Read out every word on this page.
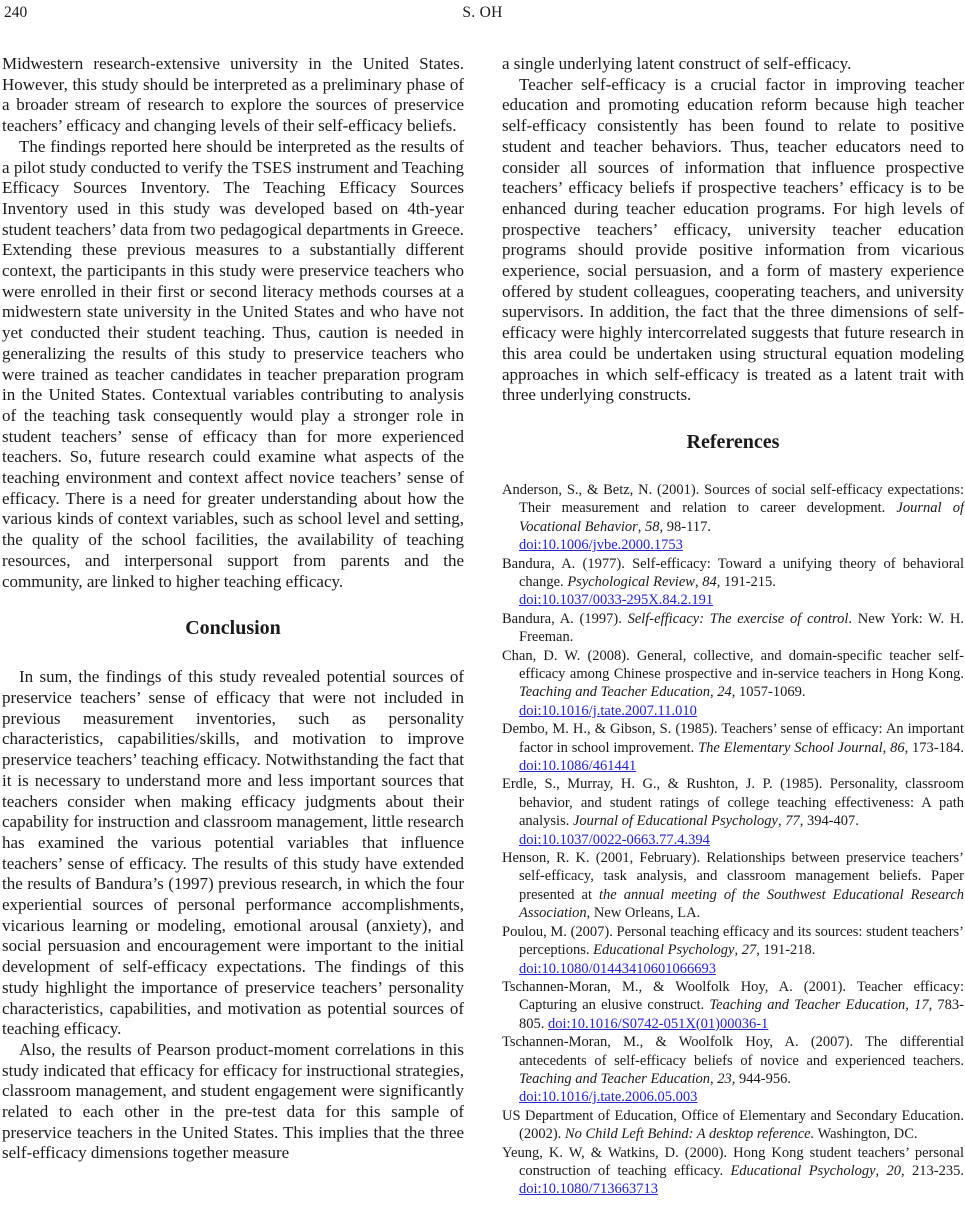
240	S. OH

Midwestern research-extensive university in the United States. However, this study should be interpreted as a preliminary phase of a broader stream of research to explore the sources of preservice teachers’ efficacy and changing levels of their self-efficacy beliefs.

The findings reported here should be interpreted as the results of a pilot study conducted to verify the TSES instrument and Teaching Efficacy Sources Inventory. The Teaching Efficacy Sources Inventory used in this study was developed based on 4th-year student teachers’ data from two pedagogical departments in Greece. Extending these previous measures to a substantially different context, the participants in this study were preservice teachers who were enrolled in their first or second literacy methods courses at a midwestern state university in the United States and who have not yet conducted their student teaching. Thus, caution is needed in generalizing the results of this study to preservice teachers who were trained as teacher candidates in teacher preparation program in the United States. Contextual variables contributing to analysis of the teaching task consequently would play a stronger role in student teachers’ sense of efficacy than for more experienced teachers. So, future research could examine what aspects of the teaching environment and context affect novice teachers’ sense of efficacy. There is a need for greater understanding about how the various kinds of context variables, such as school level and setting, the quality of the school facilities, the availability of teaching resources, and interpersonal support from parents and the community, are linked to higher teaching efficacy.

Conclusion

In sum, the findings of this study revealed potential sources of preservice teachers’ sense of efficacy that were not included in previous measurement inventories, such as personality characteristics, capabilities/skills, and motivation to improve preservice teachers’ teaching efficacy. Notwithstanding the fact that it is necessary to understand more and less important sources that teachers consider when making efficacy judgments about their capability for instruction and classroom management, little research has examined the various potential variables that influence teachers’ sense of efficacy. The results of this study have extended the results of Bandura’s (1997) previous research, in which the four experiential sources of personal performance accomplishments, vicarious learning or modeling, emotional arousal (anxiety), and social persuasion and encouragement were important to the initial development of self-efficacy expectations. The findings of this study highlight the importance of preservice teachers’ personality characteristics, capabilities, and motivation as potential sources of teaching efficacy.

Also, the results of Pearson product-moment correlations in this study indicated that efficacy for efficacy for instructional strategies, classroom management, and student engagement were significantly related to each other in the pre-test data for this sample of preservice teachers in the United States. This implies that the three self-efficacy dimensions together measure

a single underlying latent construct of self-efficacy.

Teacher self-efficacy is a crucial factor in improving teacher education and promoting education reform because high teacher self-efficacy consistently has been found to relate to positive student and teacher behaviors. Thus, teacher educators need to consider all sources of information that influence prospective teachers’ efficacy beliefs if prospective teachers’ efficacy is to be enhanced during teacher education programs. For high levels of prospective teachers’ efficacy, university teacher education programs should provide positive information from vicarious experience, social persuasion, and a form of mastery experience offered by student colleagues, cooperating teachers, and university supervisors. In addition, the fact that the three dimensions of self-efficacy were highly intercorrelated suggests that future research in this area could be undertaken using structural equation modeling approaches in which self-efficacy is treated as a latent trait with three underlying constructs.

References

Anderson, S., & Betz, N. (2001). Sources of social self-efficacy expectations: Their measurement and relation to career development. Journal of Vocational Behavior, 58, 98-117.
doi:10.1006/jvbe.2000.1753

Bandura, A. (1977). Self-efficacy: Toward a unifying theory of behavioral change. Psychological Review, 84, 191-215.
doi:10.1037/0033-295X.84.2.191

Bandura, A. (1997). Self-efficacy: The exercise of control. New York: W. H. Freeman.

Chan, D. W. (2008). General, collective, and domain-specific teacher self-efficacy among Chinese prospective and in-service teachers in Hong Kong. Teaching and Teacher Education, 24, 1057-1069.
doi:10.1016/j.tate.2007.11.010

Dembo, M. H., & Gibson, S. (1985). Teachers’ sense of efficacy: An important factor in school improvement. The Elementary School Journal, 86, 173-184. doi:10.1086/461441

Erdle, S., Murray, H. G., & Rushton, J. P. (1985). Personality, classroom behavior, and student ratings of college teaching effectiveness: A path analysis. Journal of Educational Psychology, 77, 394-407.
doi:10.1037/0022-0663.77.4.394

Henson, R. K. (2001, February). Relationships between preservice teachers’ self-efficacy, task analysis, and classroom management beliefs. Paper presented at the annual meeting of the Southwest Educational Research Association, New Orleans, LA.

Poulou, M. (2007). Personal teaching efficacy and its sources: student teachers’ perceptions. Educational Psychology, 27, 191-218.
doi:10.1080/01443410601066693

Tschannen-Moran, M., & Woolfolk Hoy, A. (2001). Teacher efficacy: Capturing an elusive construct. Teaching and Teacher Education, 17, 783-805. doi:10.1016/S0742-051X(01)00036-1

Tschannen-Moran, M., & Woolfolk Hoy, A. (2007). The differential antecedents of self-efficacy beliefs of novice and experienced teachers. Teaching and Teacher Education, 23, 944-956.
doi:10.1016/j.tate.2006.05.003

US Department of Education, Office of Elementary and Secondary Education. (2002). No Child Left Behind: A desktop reference. Washington, DC.

Yeung, K. W, & Watkins, D. (2000). Hong Kong student teachers’ personal construction of teaching efficacy. Educational Psychology, 20, 213-235. doi:10.1080/713663713
